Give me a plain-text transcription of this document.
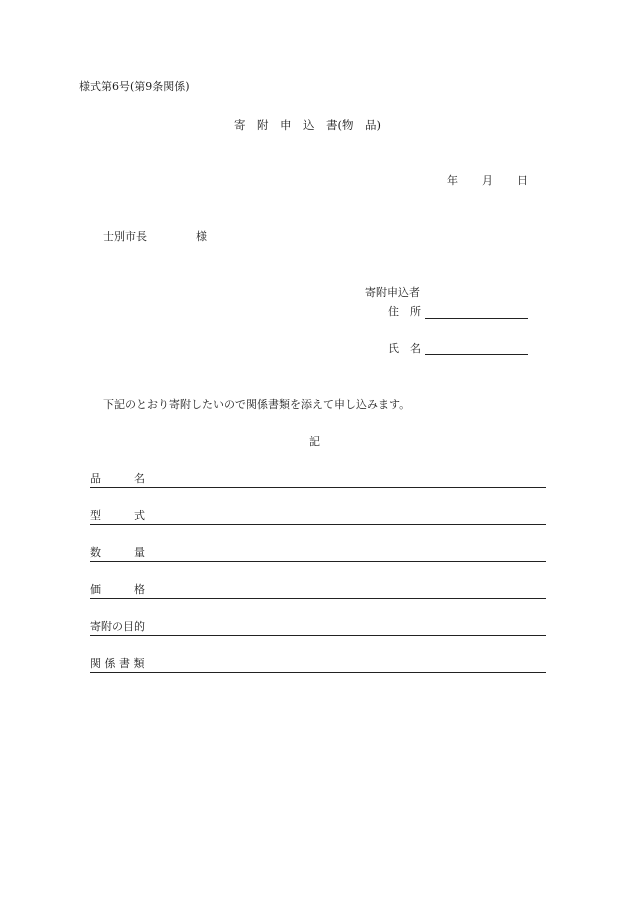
様式第6号(第9条関係)
寄　附　申　込　書(物　品)
年 月 日
士別市長	様
寄附申込者
住　所
氏　名
下記のとおり寄附したいので関係書類を添えて申し込みます。
記
品　　　名
型　　　式
数　　　量
価　　　格
寄附の目的
関 係 書 類
